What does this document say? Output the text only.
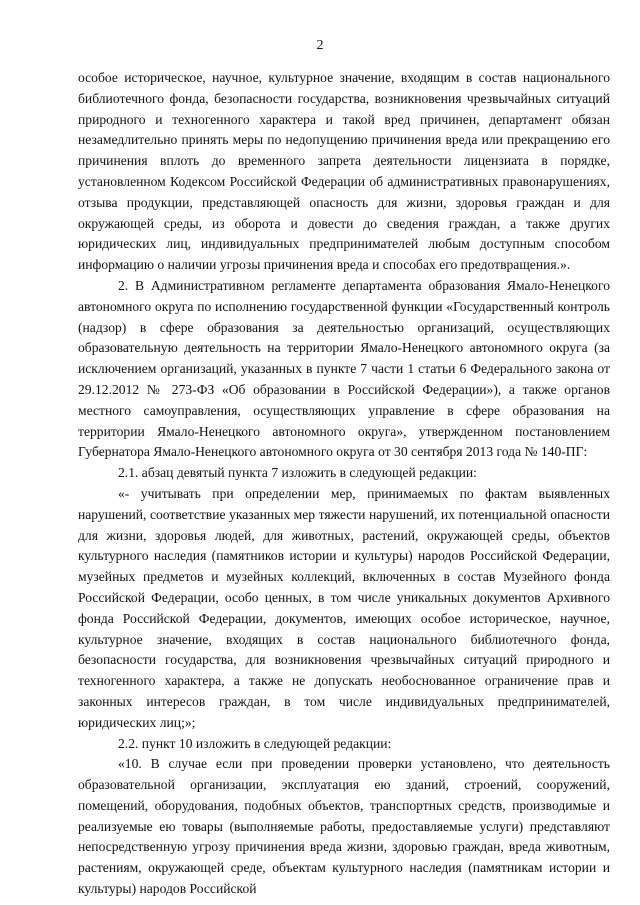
2

особое историческое, научное, культурное значение, входящим в состав национального библиотечного фонда, безопасности государства, возникновения чрезвычайных ситуаций природного и техногенного характера и такой вред причинен, департамент обязан незамедлительно принять меры по недопущению причинения вреда или прекращению его причинения вплоть до временного запрета деятельности лицензиата в порядке, установленном Кодексом Российской Федерации об административных правонарушениях, отзыва продукции, представляющей опасность для жизни, здоровья граждан и для окружающей среды, из оборота и довести до сведения граждан, а также других юридических лиц, индивидуальных предпринимателей любым доступным способом информацию о наличии угрозы причинения вреда и способах его предотвращения.».

2. В Административном регламенте департамента образования Ямало-Ненецкого автономного округа по исполнению государственной функции «Государственный контроль (надзор) в сфере образования за деятельностью организаций, осуществляющих образовательную деятельность на территории Ямало-Ненецкого автономного округа (за исключением организаций, указанных в пункте 7 части 1 статьи 6 Федерального закона от 29.12.2012 № 273-ФЗ «Об образовании в Российской Федерации»), а также органов местного самоуправления, осуществляющих управление в сфере образования на территории Ямало-Ненецкого автономного округа», утвержденном постановлением Губернатора Ямало-Ненецкого автономного округа от 30 сентября 2013 года № 140-ПГ:

2.1. абзац девятый пункта 7 изложить в следующей редакции:

«- учитывать при определении мер, принимаемых по фактам выявленных нарушений, соответствие указанных мер тяжести нарушений, их потенциальной опасности для жизни, здоровья людей, для животных, растений, окружающей среды, объектов культурного наследия (памятников истории и культуры) народов Российской Федерации, музейных предметов и музейных коллекций, включенных в состав Музейного фонда Российской Федерации, особо ценных, в том числе уникальных документов Архивного фонда Российской Федерации, документов, имеющих особое историческое, научное, культурное значение, входящих в состав национального библиотечного фонда, безопасности государства, для возникновения чрезвычайных ситуаций природного и техногенного характера, а также не допускать необоснованное ограничение прав и законных интересов граждан, в том числе индивидуальных предпринимателей, юридических лиц;»;

2.2. пункт 10 изложить в следующей редакции:

«10. В случае если при проведении проверки установлено, что деятельность образовательной организации, эксплуатация ею зданий, строений, сооружений, помещений, оборудования, подобных объектов, транспортных средств, производимые и реализуемые ею товары (выполняемые работы, предоставляемые услуги) представляют непосредственную угрозу причинения вреда жизни, здоровью граждан, вреда животным, растениям, окружающей среде, объектам культурного наследия (памятникам истории и культуры) народов Российской
